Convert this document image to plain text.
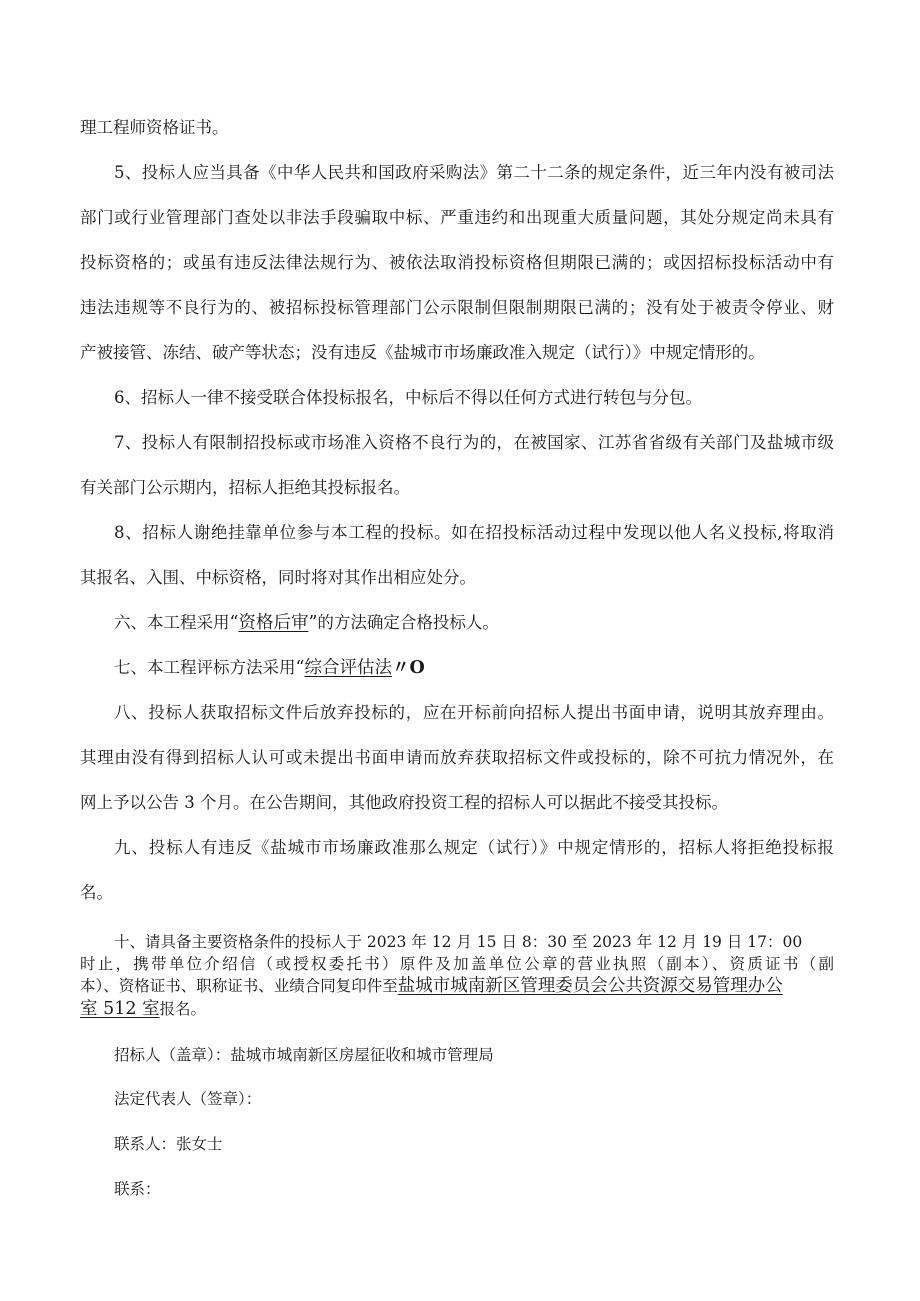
理工程师资格证书。
5、投标人应当具备《中华人民共和国政府采购法》第二十二条的规定条件，近三年内没有被司法
部门或行业管理部门查处以非法手段骗取中标、严重违约和出现重大质量问题，其处分规定尚未具有
投标资格的；或虽有违反法律法规行为、被依法取消投标资格但期限已满的；或因招标投标活动中有
违法违规等不良行为的、被招标投标管理部门公示限制但限制期限已满的；没有处于被责令停业、财
产被接管、冻结、破产等状态；没有违反《盐城市市场廉政准入规定（试行）》中规定情形的。
6、招标人一律不接受联合体投标报名，中标后不得以任何方式进行转包与分包。
7、投标人有限制招投标或市场准入资格不良行为的，在被国家、江苏省省级有关部门及盐城市级
有关部门公示期内，招标人拒绝其投标报名。
8、招标人谢绝挂靠单位参与本工程的投标。如在招投标活动过程中发现以他人名义投标,将取消
其报名、入围、中标资格，同时将对其作出相应处分。
六、本工程采用“资格后审”的方法确定合格投标人。
七、本工程评标方法采用“综合评估法〃O
八、投标人获取招标文件后放弃投标的，应在开标前向招标人提出书面申请，说明其放弃理由。
其理由没有得到招标人认可或未提出书面申请而放弃获取招标文件或投标的，除不可抗力情况外，在
网上予以公告 3 个月。在公告期间，其他政府投资工程的招标人可以据此不接受其投标。
九、投标人有违反《盐城市市场廉政准那么规定（试行）》中规定情形的，招标人将拒绝投标报
名。
十、请具备主要资格条件的投标人于 2023 年 12 月 15 日 8：30 至 2023 年 12 月 19 日 17：00
时止，携带单位介绍信（或授权委托书）原件及加盖单位公章的营业执照（副本）、资质证书（副
本）、资格证书、职称证书、业绩合同复印件至盐城市城南新区管理委员会公共资源交易管理办公
室 512 室报名。
招标人（盖章）：盐城市城南新区房屋征收和城市管理局
法定代表人（签章）：
联系人：张女士
联系：
